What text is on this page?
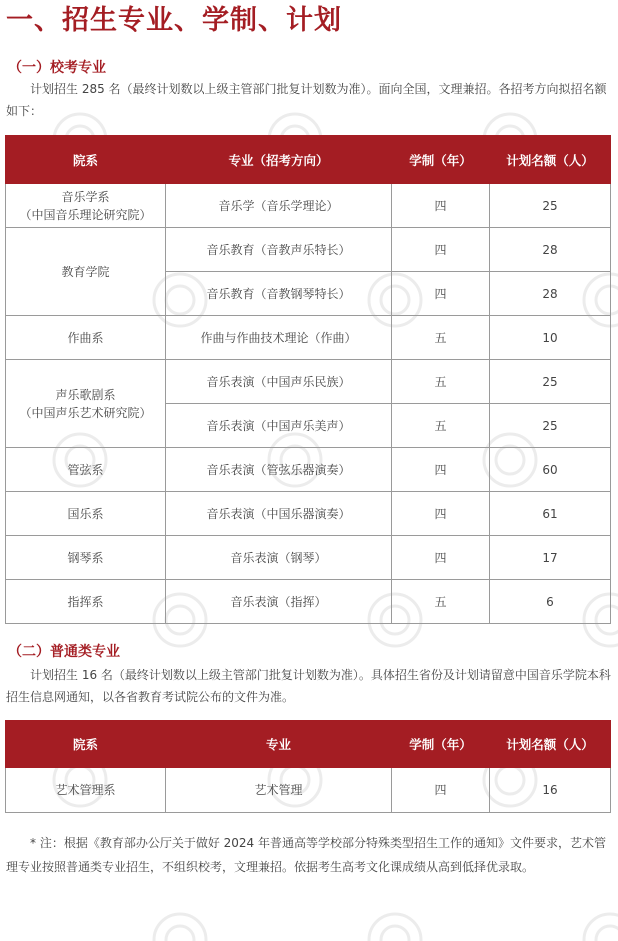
一、招生专业、学制、计划
（一）校考专业

计划招生 285 名（最终计划数以上级主管部门批复计划数为准）。面向全国，文理兼招。各招考方向拟招名额如下：

院系	专业（招考方向）	学制（年）	计划名额（人）

音乐学系
（中国音乐理论研究院）	音乐学（音乐学理论）	四	25
教育学院	音乐教育（音教声乐特长）	四	28
	音乐教育（音教钢琴特长）	四	28
作曲系	作曲与作曲技术理论（作曲）	五	10

声乐歌剧系
（中国声乐艺术研究院）	音乐表演（中国声乐民族）	五	25
	音乐表演（中国声乐美声）	五	25
管弦系	音乐表演（管弦乐器演奏）	四	60
国乐系	音乐表演（中国乐器演奏）	四	61
钢琴系	音乐表演（钢琴）	四	17
指挥系	音乐表演（指挥）	五	6
（二）普通类专业

计划招生 16 名（最终计划数以上级主管部门批复计划数为准）。具体招生省份及计划请留意中国音乐学院本科招生信息网通知，以各省教育考试院公布的文件为准。

院系	专业	学制（年）	计划名额（人）
艺术管理系	艺术管理	四	16

* 注：根据《教育部办公厅关于做好 2024 年普通高等学校部分特殊类型招生工作的通知》文件要求，艺术管理专业按照普通类专业招生，不组织校考，文理兼招。依据考生高考文化课成绩从高到低择优录取。
